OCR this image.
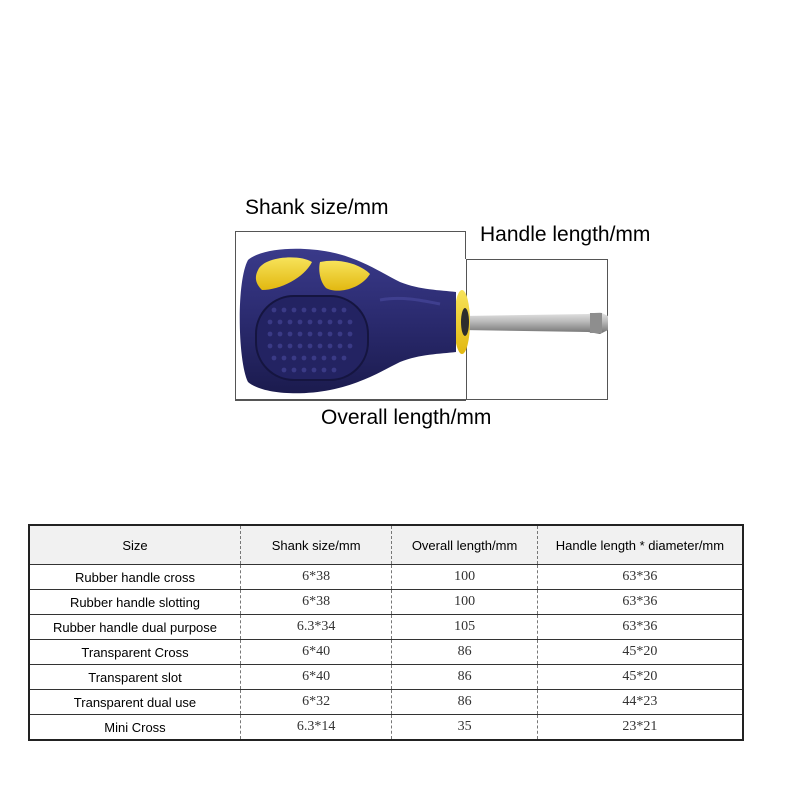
Shank size/mm
Handle length/mm
Overall length/mm
Size	Shank size/mm	Overall length/mm	Handle length * diameter/mm
Rubber handle cross	6*38	100	63*36
Rubber handle slotting	6*38	100	63*36
Rubber handle dual purpose	6.3*34	105	63*36
Transparent Cross	6*40	86	45*20
Transparent slot	6*40	86	45*20
Transparent dual use	6*32	86	44*23
Mini Cross	6.3*14	35	23*21
